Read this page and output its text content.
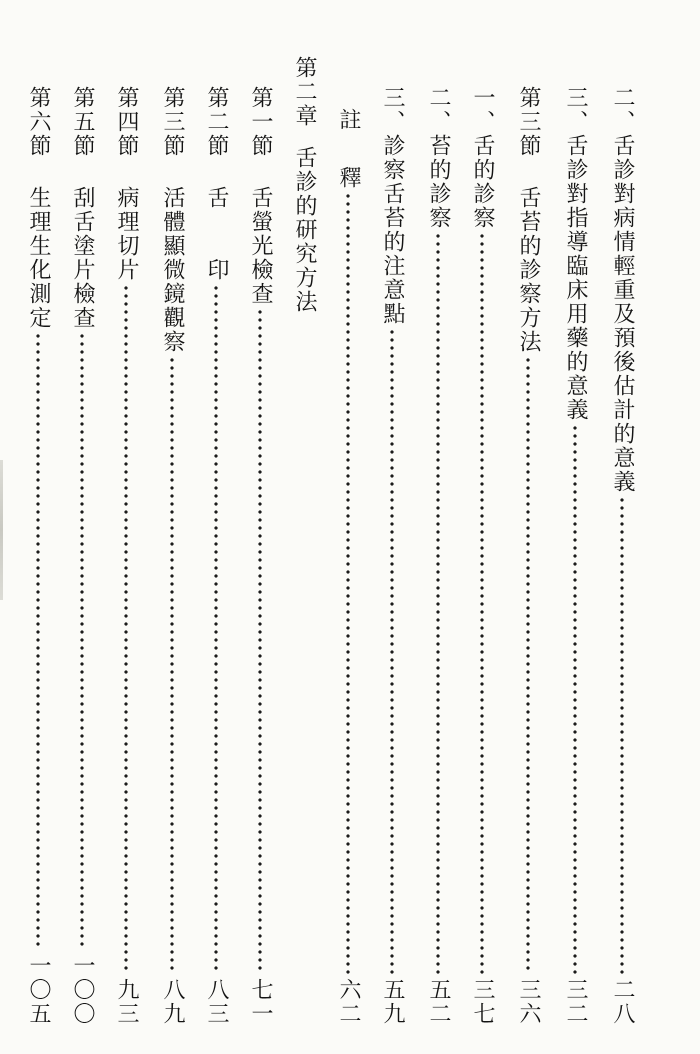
二、舌診對病情輕重及預後估計的意義
二八
三、舌診對指導臨床用藥的意義
三二
第三節
舌苔的診察方法
三六
一、舌的診察
三七
二、苔的診察
五二
三、診察舌苔的注意點
五九
註
釋
六二
第二章
舌診的研究方法
第一節
舌螢光檢查
七一
第二節
舌　　印
八三
第三節
活體顯微鏡觀察
八九
第四節
病理切片
九三
第五節
刮舌塗片檢查
一〇〇
第六節
生理生化測定
一〇五
